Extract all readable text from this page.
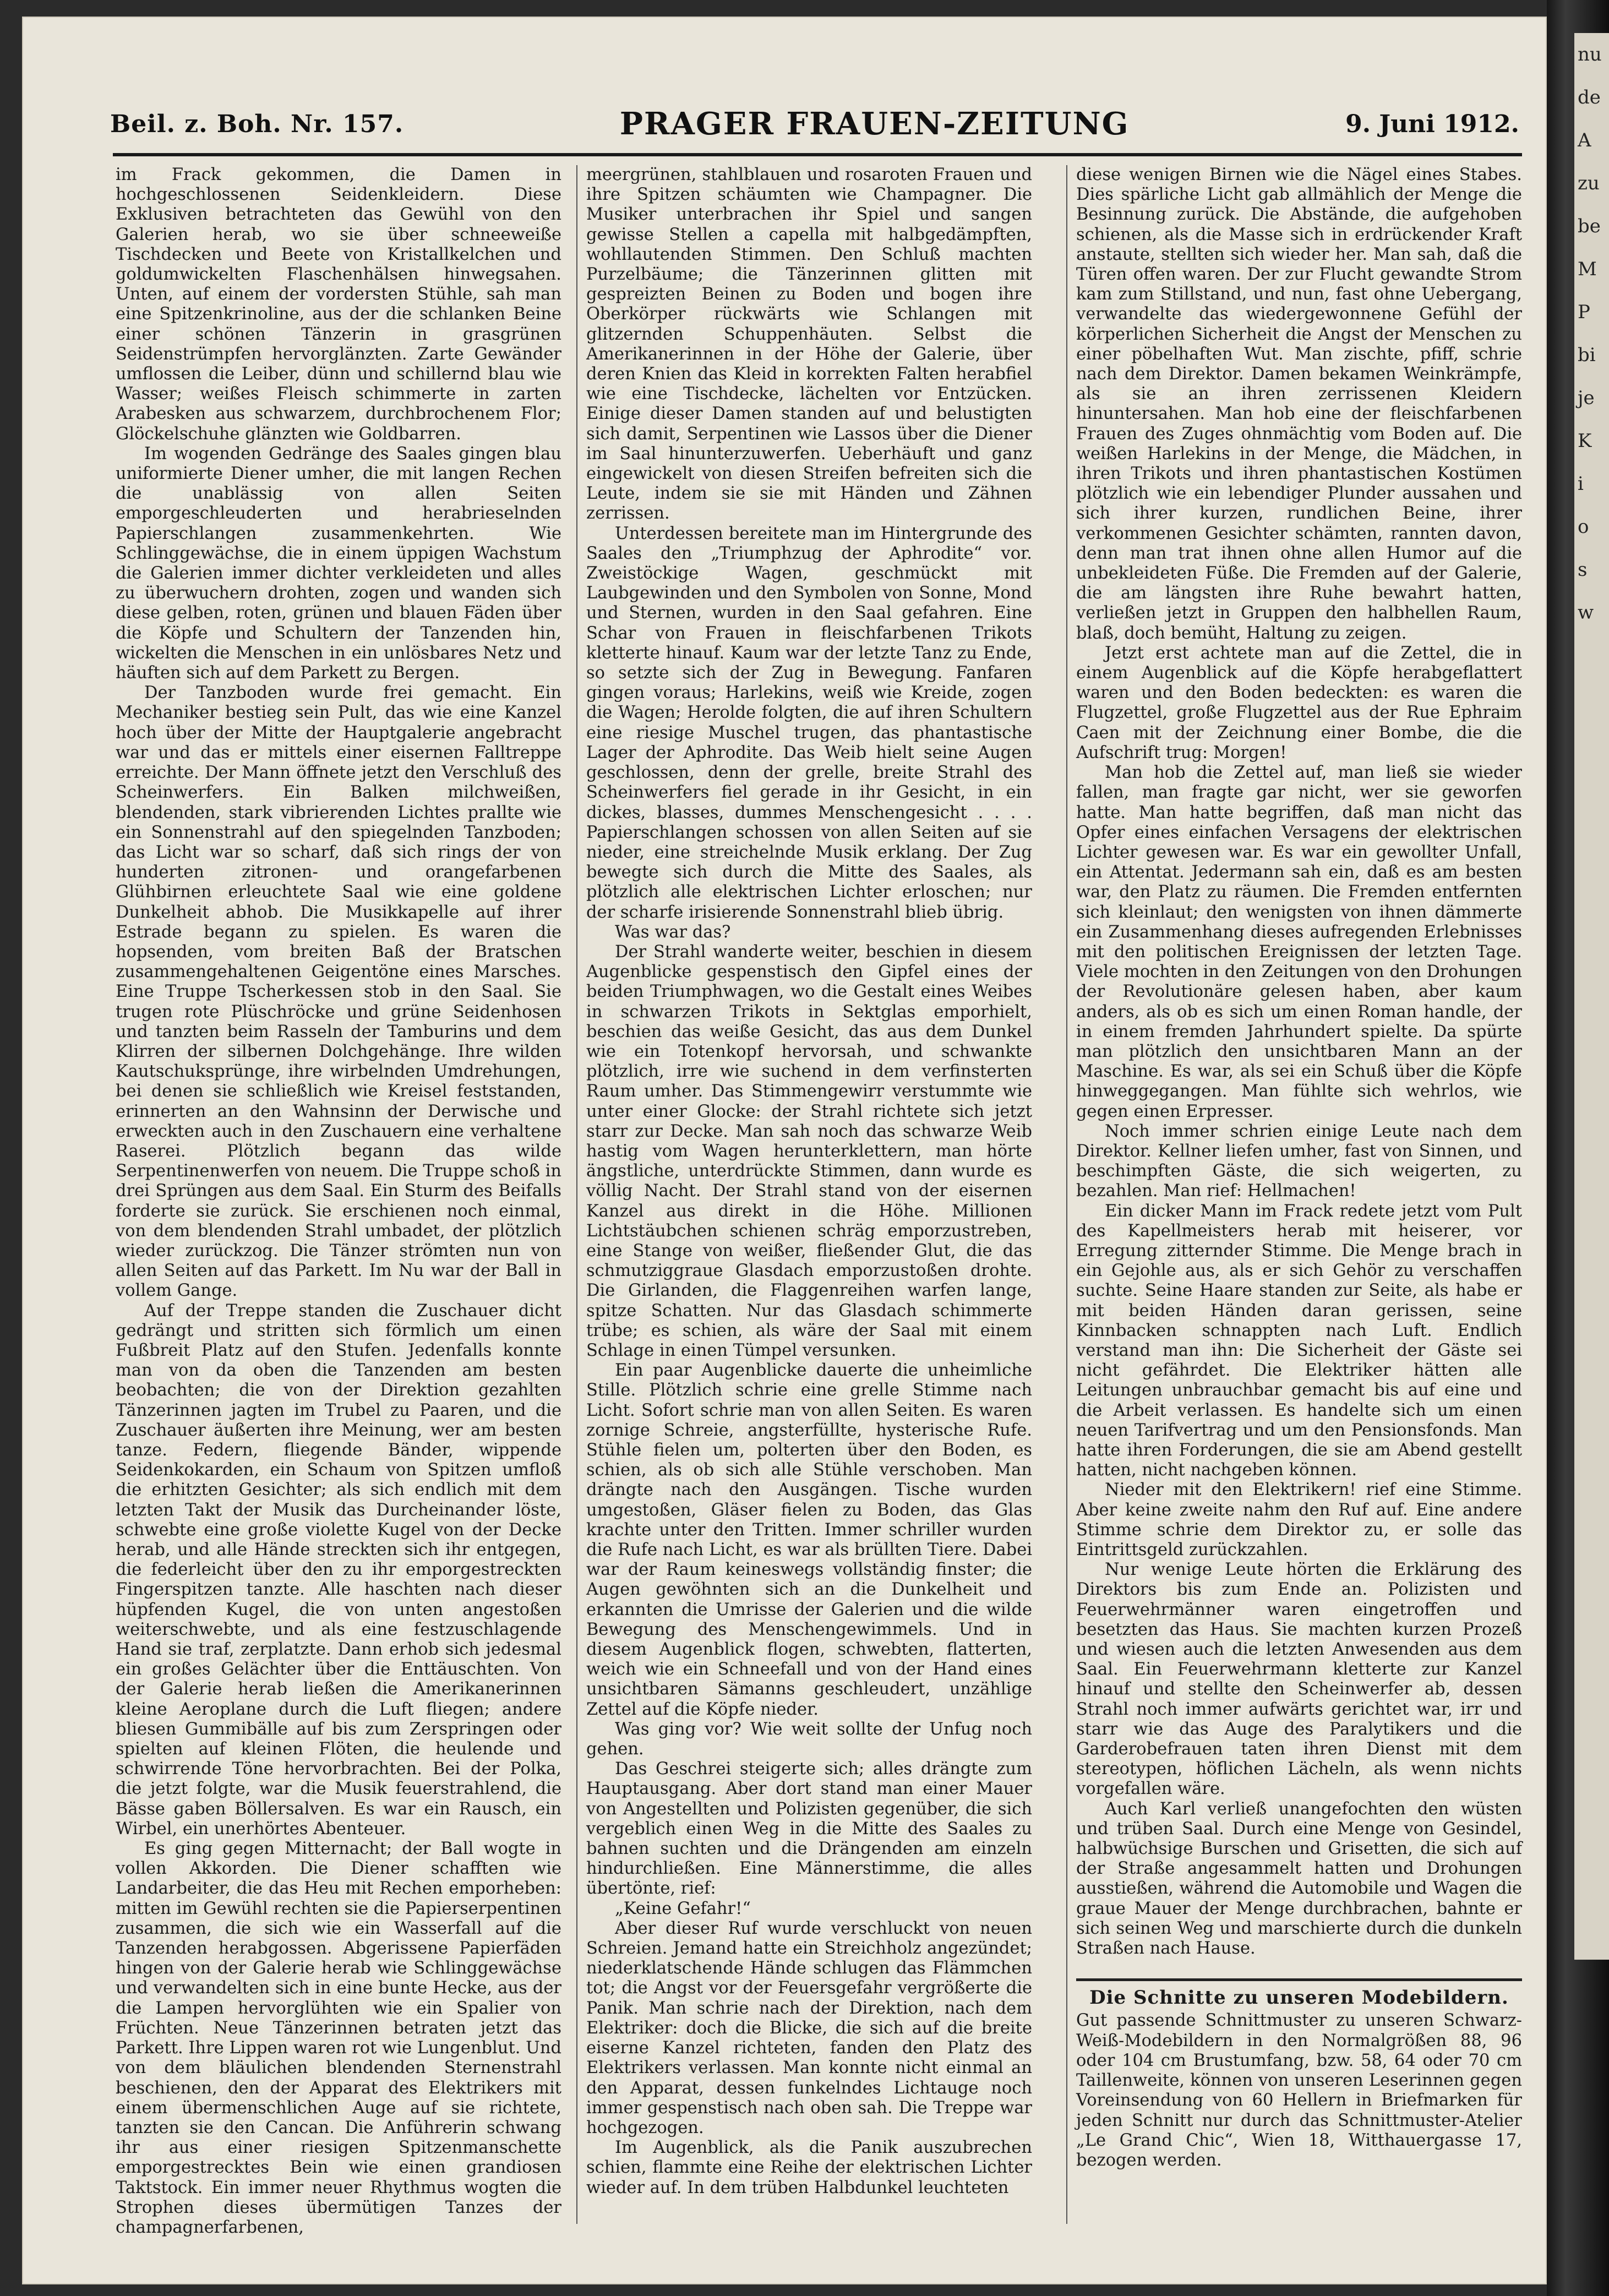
nu
de
A
zu
be
M
P
bi
je
K
i
o
s
w
Beil. z. Boh. Nr. 157.	PRAGER FRAUEN-ZEITUNG	9. Juni 1912.

im Frack gekommen, die Damen in hochgeschlossenen Seidenkleidern. Diese Exklusiven betrachteten das Gewühl von den Galerien herab, wo sie über schneeweiße Tischdecken und Beete von Kristallkelchen und goldumwickelten Flaschenhälsen hinwegsahen. Unten, auf einem der vordersten Stühle, sah man eine Spitzenkrinoline, aus der die schlanken Beine einer schönen Tänzerin in grasgrünen Seidenstrümpfen hervorglänzten. Zarte Gewänder umflossen die Leiber, dünn und schillernd blau wie Wasser; weißes Fleisch schimmerte in zarten Arabesken aus schwarzem, durchbrochenem Flor; Glöckelschuhe glänzten wie Goldbarren.

Im wogenden Gedränge des Saales gingen blau uniformierte Diener umher, die mit langen Rechen die unablässig von allen Seiten emporgeschleuderten und herabrieselnden Papierschlangen zusammenkehrten. Wie Schlinggewächse, die in einem üppigen Wachstum die Galerien immer dichter verkleideten und alles zu überwuchern drohten, zogen und wanden sich diese gelben, roten, grünen und blauen Fäden über die Köpfe und Schultern der Tanzenden hin, wickelten die Menschen in ein unlösbares Netz und häuften sich auf dem Parkett zu Bergen.

Der Tanzboden wurde frei gemacht. Ein Mechaniker bestieg sein Pult, das wie eine Kanzel hoch über der Mitte der Hauptgalerie angebracht war und das er mittels einer eisernen Falltreppe erreichte. Der Mann öffnete jetzt den Verschluß des Scheinwerfers. Ein Balken milchweißen, blendenden, stark vibrierenden Lichtes prallte wie ein Sonnenstrahl auf den spiegelnden Tanzboden; das Licht war so scharf, daß sich rings der von hunderten zitronen- und orangefarbenen Glühbirnen erleuchtete Saal wie eine goldene Dunkelheit abhob. Die Musikkapelle auf ihrer Estrade begann zu spielen. Es waren die hopsenden, vom breiten Baß der Bratschen zusammengehaltenen Geigentöne eines Marsches. Eine Truppe Tscherkessen stob in den Saal. Sie trugen rote Plüschröcke und grüne Seidenhosen und tanzten beim Rasseln der Tamburins und dem Klirren der silbernen Dolchgehänge. Ihre wilden Kautschuksprünge, ihre wirbelnden Umdrehungen, bei denen sie schließlich wie Kreisel feststanden, erinnerten an den Wahnsinn der Derwische und erweckten auch in den Zuschauern eine verhaltene Raserei. Plötzlich begann das wilde Serpentinenwerfen von neuem. Die Truppe schoß in drei Sprüngen aus dem Saal. Ein Sturm des Beifalls forderte sie zurück. Sie erschienen noch einmal, von dem blendenden Strahl umbadet, der plötzlich wieder zurückzog. Die Tänzer strömten nun von allen Seiten auf das Parkett. Im Nu war der Ball in vollem Gange.

Auf der Treppe standen die Zuschauer dicht gedrängt und stritten sich förmlich um einen Fußbreit Platz auf den Stufen. Jedenfalls konnte man von da oben die Tanzenden am besten beobachten; die von der Direktion gezahlten Tänzerinnen jagten im Trubel zu Paaren, und die Zuschauer äußerten ihre Meinung, wer am besten tanze. Federn, fliegende Bänder, wippende Seidenkokarden, ein Schaum von Spitzen umfloß die erhitzten Gesichter; als sich endlich mit dem letzten Takt der Musik das Durcheinander löste, schwebte eine große violette Kugel von der Decke herab, und alle Hände streckten sich ihr entgegen, die federleicht über den zu ihr emporgestreckten Fingerspitzen tanzte. Alle haschten nach dieser hüpfenden Kugel, die von unten angestoßen weiterschwebte, und als eine festzuschlagende Hand sie traf, zerplatzte. Dann erhob sich jedesmal ein großes Gelächter über die Enttäuschten. Von der Galerie herab ließen die Amerikanerinnen kleine Aeroplane durch die Luft fliegen; andere bliesen Gummibälle auf bis zum Zerspringen oder spielten auf kleinen Flöten, die heulende und schwirrende Töne hervorbrachten. Bei der Polka, die jetzt folgte, war die Musik feuerstrahlend, die Bässe gaben Böllersalven. Es war ein Rausch, ein Wirbel, ein unerhörtes Abenteuer.

Es ging gegen Mitternacht; der Ball wogte in vollen Akkorden. Die Diener schafften wie Landarbeiter, die das Heu mit Rechen emporheben: mitten im Gewühl rechten sie die Papierserpentinen zusammen, die sich wie ein Wasserfall auf die Tanzenden herabgossen. Abgerissene Papierfäden hingen von der Galerie herab wie Schlinggewächse und verwandelten sich in eine bunte Hecke, aus der die Lampen hervorglühten wie ein Spalier von Früchten. Neue Tänzerinnen betraten jetzt das Parkett. Ihre Lippen waren rot wie Lungenblut. Und von dem bläulichen blendenden Sternenstrahl beschienen, den der Apparat des Elektrikers mit einem übermenschlichen Auge auf sie richtete, tanzten sie den Cancan. Die Anführerin schwang ihr aus einer riesigen Spitzenmanschette emporgestrecktes Bein wie einen grandiosen Taktstock. Ein immer neuer Rhythmus wogten die Strophen dieses übermütigen Tanzes der champagnerfarbenen,

meergrünen, stahlblauen und rosaroten Frauen und ihre Spitzen schäumten wie Champagner. Die Musiker unterbrachen ihr Spiel und sangen gewisse Stellen a capella mit halbgedämpften, wohllautenden Stimmen. Den Schluß machten Purzelbäume; die Tänzerinnen glitten mit gespreizten Beinen zu Boden und bogen ihre Oberkörper rückwärts wie Schlangen mit glitzernden Schuppenhäuten. Selbst die Amerikanerinnen in der Höhe der Galerie, über deren Knien das Kleid in korrekten Falten herabfiel wie eine Tischdecke, lächelten vor Entzücken. Einige dieser Damen standen auf und belustigten sich damit, Serpentinen wie Lassos über die Diener im Saal hinunterzuwerfen. Ueberhäuft und ganz eingewickelt von diesen Streifen befreiten sich die Leute, indem sie sie mit Händen und Zähnen zerrissen.

Unterdessen bereitete man im Hintergrunde des Saales den „Triumphzug der Aphrodite“ vor. Zweistöckige Wagen, geschmückt mit Laubgewinden und den Symbolen von Sonne, Mond und Sternen, wurden in den Saal gefahren. Eine Schar von Frauen in fleischfarbenen Trikots kletterte hinauf. Kaum war der letzte Tanz zu Ende, so setzte sich der Zug in Bewegung. Fanfaren gingen voraus; Harlekins, weiß wie Kreide, zogen die Wagen; Herolde folgten, die auf ihren Schultern eine riesige Muschel trugen, das phantastische Lager der Aphrodite. Das Weib hielt seine Augen geschlossen, denn der grelle, breite Strahl des Scheinwerfers fiel gerade in ihr Gesicht, in ein dickes, blasses, dummes Menschengesicht . . . . Papierschlangen schossen von allen Seiten auf sie nieder, eine streichelnde Musik erklang. Der Zug bewegte sich durch die Mitte des Saales, als plötzlich alle elektrischen Lichter erloschen; nur der scharfe irisierende Sonnenstrahl blieb übrig.

Was war das?

Der Strahl wanderte weiter, beschien in diesem Augenblicke gespenstisch den Gipfel eines der beiden Triumphwagen, wo die Gestalt eines Weibes in schwarzen Trikots in Sektglas emporhielt, beschien das weiße Gesicht, das aus dem Dunkel wie ein Totenkopf hervorsah, und schwankte plötzlich, irre wie suchend in dem verfinsterten Raum umher. Das Stimmengewirr verstummte wie unter einer Glocke: der Strahl richtete sich jetzt starr zur Decke. Man sah noch das schwarze Weib hastig vom Wagen herunterklettern, man hörte ängstliche, unterdrückte Stimmen, dann wurde es völlig Nacht. Der Strahl stand von der eisernen Kanzel aus direkt in die Höhe. Millionen Lichtstäubchen schienen schräg emporzustreben, eine Stange von weißer, fließender Glut, die das schmutziggraue Glasdach emporzustoßen drohte. Die Girlanden, die Flaggenreihen warfen lange, spitze Schatten. Nur das Glasdach schimmerte trübe; es schien, als wäre der Saal mit einem Schlage in einen Tümpel versunken.

Ein paar Augenblicke dauerte die unheimliche Stille. Plötzlich schrie eine grelle Stimme nach Licht. Sofort schrie man von allen Seiten. Es waren zornige Schreie, angsterfüllte, hysterische Rufe. Stühle fielen um, polterten über den Boden, es schien, als ob sich alle Stühle verschoben. Man drängte nach den Ausgängen. Tische wurden umgestoßen, Gläser fielen zu Boden, das Glas krachte unter den Tritten. Immer schriller wurden die Rufe nach Licht, es war als brüllten Tiere. Dabei war der Raum keineswegs vollständig finster; die Augen gewöhnten sich an die Dunkelheit und erkannten die Umrisse der Galerien und die wilde Bewegung des Menschengewimmels. Und in diesem Augenblick flogen, schwebten, flatterten, weich wie ein Schneefall und von der Hand eines unsichtbaren Sämanns geschleudert, unzählige Zettel auf die Köpfe nieder.

Was ging vor? Wie weit sollte der Unfug noch gehen.

Das Geschrei steigerte sich; alles drängte zum Hauptausgang. Aber dort stand man einer Mauer von Angestellten und Polizisten gegenüber, die sich vergeblich einen Weg in die Mitte des Saales zu bahnen suchten und die Drängenden am einzeln hindurchließen. Eine Männerstimme, die alles übertönte, rief:

„Keine Gefahr!“

Aber dieser Ruf wurde verschluckt von neuen Schreien. Jemand hatte ein Streichholz angezündet; niederklatschende Hände schlugen das Flämmchen tot; die Angst vor der Feuersgefahr vergrößerte die Panik. Man schrie nach der Direktion, nach dem Elektriker: doch die Blicke, die sich auf die breite eiserne Kanzel richteten, fanden den Platz des Elektrikers verlassen. Man konnte nicht einmal an den Apparat, dessen funkelndes Lichtauge noch immer gespenstisch nach oben sah. Die Treppe war hochgezogen.

Im Augenblick, als die Panik auszubrechen schien, flammte eine Reihe der elektrischen Lichter wieder auf. In dem trüben Halbdunkel leuchteten

diese wenigen Birnen wie die Nägel eines Stabes. Dies spärliche Licht gab allmählich der Menge die Besinnung zurück. Die Abstände, die aufgehoben schienen, als die Masse sich in erdrückender Kraft anstaute, stellten sich wieder her. Man sah, daß die Türen offen waren. Der zur Flucht gewandte Strom kam zum Stillstand, und nun, fast ohne Uebergang, verwandelte das wiedergewonnene Gefühl der körperlichen Sicherheit die Angst der Menschen zu einer pöbelhaften Wut. Man zischte, pfiff, schrie nach dem Direktor. Damen bekamen Weinkrämpfe, als sie an ihren zerrissenen Kleidern hinuntersahen. Man hob eine der fleischfarbenen Frauen des Zuges ohnmächtig vom Boden auf. Die weißen Harlekins in der Menge, die Mädchen, in ihren Trikots und ihren phantastischen Kostümen plötzlich wie ein lebendiger Plunder aussahen und sich ihrer kurzen, rundlichen Beine, ihrer verkommenen Gesichter schämten, rannten davon, denn man trat ihnen ohne allen Humor auf die unbekleideten Füße. Die Fremden auf der Galerie, die am längsten ihre Ruhe bewahrt hatten, verließen jetzt in Gruppen den halbhellen Raum, blaß, doch bemüht, Haltung zu zeigen.

Jetzt erst achtete man auf die Zettel, die in einem Augenblick auf die Köpfe herabgeflattert waren und den Boden bedeckten: es waren die Flugzettel, große Flugzettel aus der Rue Ephraim Caen mit der Zeichnung einer Bombe, die die Aufschrift trug: Morgen!

Man hob die Zettel auf, man ließ sie wieder fallen, man fragte gar nicht, wer sie geworfen hatte. Man hatte begriffen, daß man nicht das Opfer eines einfachen Versagens der elektrischen Lichter gewesen war. Es war ein gewollter Unfall, ein Attentat. Jedermann sah ein, daß es am besten war, den Platz zu räumen. Die Fremden entfernten sich kleinlaut; den wenigsten von ihnen dämmerte ein Zusammenhang dieses aufregenden Erlebnisses mit den politischen Ereignissen der letzten Tage. Viele mochten in den Zeitungen von den Drohungen der Revolutionäre gelesen haben, aber kaum anders, als ob es sich um einen Roman handle, der in einem fremden Jahrhundert spielte. Da spürte man plötzlich den unsichtbaren Mann an der Maschine. Es war, als sei ein Schuß über die Köpfe hinweggegangen. Man fühlte sich wehrlos, wie gegen einen Erpresser.

Noch immer schrien einige Leute nach dem Direktor. Kellner liefen umher, fast von Sinnen, und beschimpften Gäste, die sich weigerten, zu bezahlen. Man rief: Hellmachen!

Ein dicker Mann im Frack redete jetzt vom Pult des Kapellmeisters herab mit heiserer, vor Erregung zitternder Stimme. Die Menge brach in ein Gejohle aus, als er sich Gehör zu verschaffen suchte. Seine Haare standen zur Seite, als habe er mit beiden Händen daran gerissen, seine Kinnbacken schnappten nach Luft. Endlich verstand man ihn: Die Sicherheit der Gäste sei nicht gefährdet. Die Elektriker hätten alle Leitungen unbrauchbar gemacht bis auf eine und die Arbeit verlassen. Es handelte sich um einen neuen Tarifvertrag und um den Pensionsfonds. Man hatte ihren Forderungen, die sie am Abend gestellt hatten, nicht nachgeben können.

Nieder mit den Elektrikern! rief eine Stimme. Aber keine zweite nahm den Ruf auf. Eine andere Stimme schrie dem Direktor zu, er solle das Eintrittsgeld zurückzahlen.

Nur wenige Leute hörten die Erklärung des Direktors bis zum Ende an. Polizisten und Feuerwehrmänner waren eingetroffen und besetzten das Haus. Sie machten kurzen Prozeß und wiesen auch die letzten Anwesenden aus dem Saal. Ein Feuerwehrmann kletterte zur Kanzel hinauf und stellte den Scheinwerfer ab, dessen Strahl noch immer aufwärts gerichtet war, irr und starr wie das Auge des Paralytikers und die Garderobefrauen taten ihren Dienst mit dem stereotypen, höflichen Lächeln, als wenn nichts vorgefallen wäre.

Auch Karl verließ unangefochten den wüsten und trüben Saal. Durch eine Menge von Gesindel, halbwüchsige Burschen und Grisetten, die sich auf der Straße angesammelt hatten und Drohungen ausstießen, während die Automobile und Wagen die graue Mauer der Menge durchbrachen, bahnte er sich seinen Weg und marschierte durch die dunkeln Straßen nach Hause.

Die Schnitte zu unseren Modebildern.

Gut passende Schnittmuster zu unseren Schwarz-Weiß-Modebildern in den Normalgrößen 88, 96 oder 104 cm Brustumfang, bzw. 58, 64 oder 70 cm Taillenweite, können von unseren Leserinnen gegen Voreinsendung von 60 Hellern in Briefmarken für jeden Schnitt nur durch das Schnittmuster-Atelier „Le Grand Chic“, Wien 18, Witthauergasse 17, bezogen werden.
